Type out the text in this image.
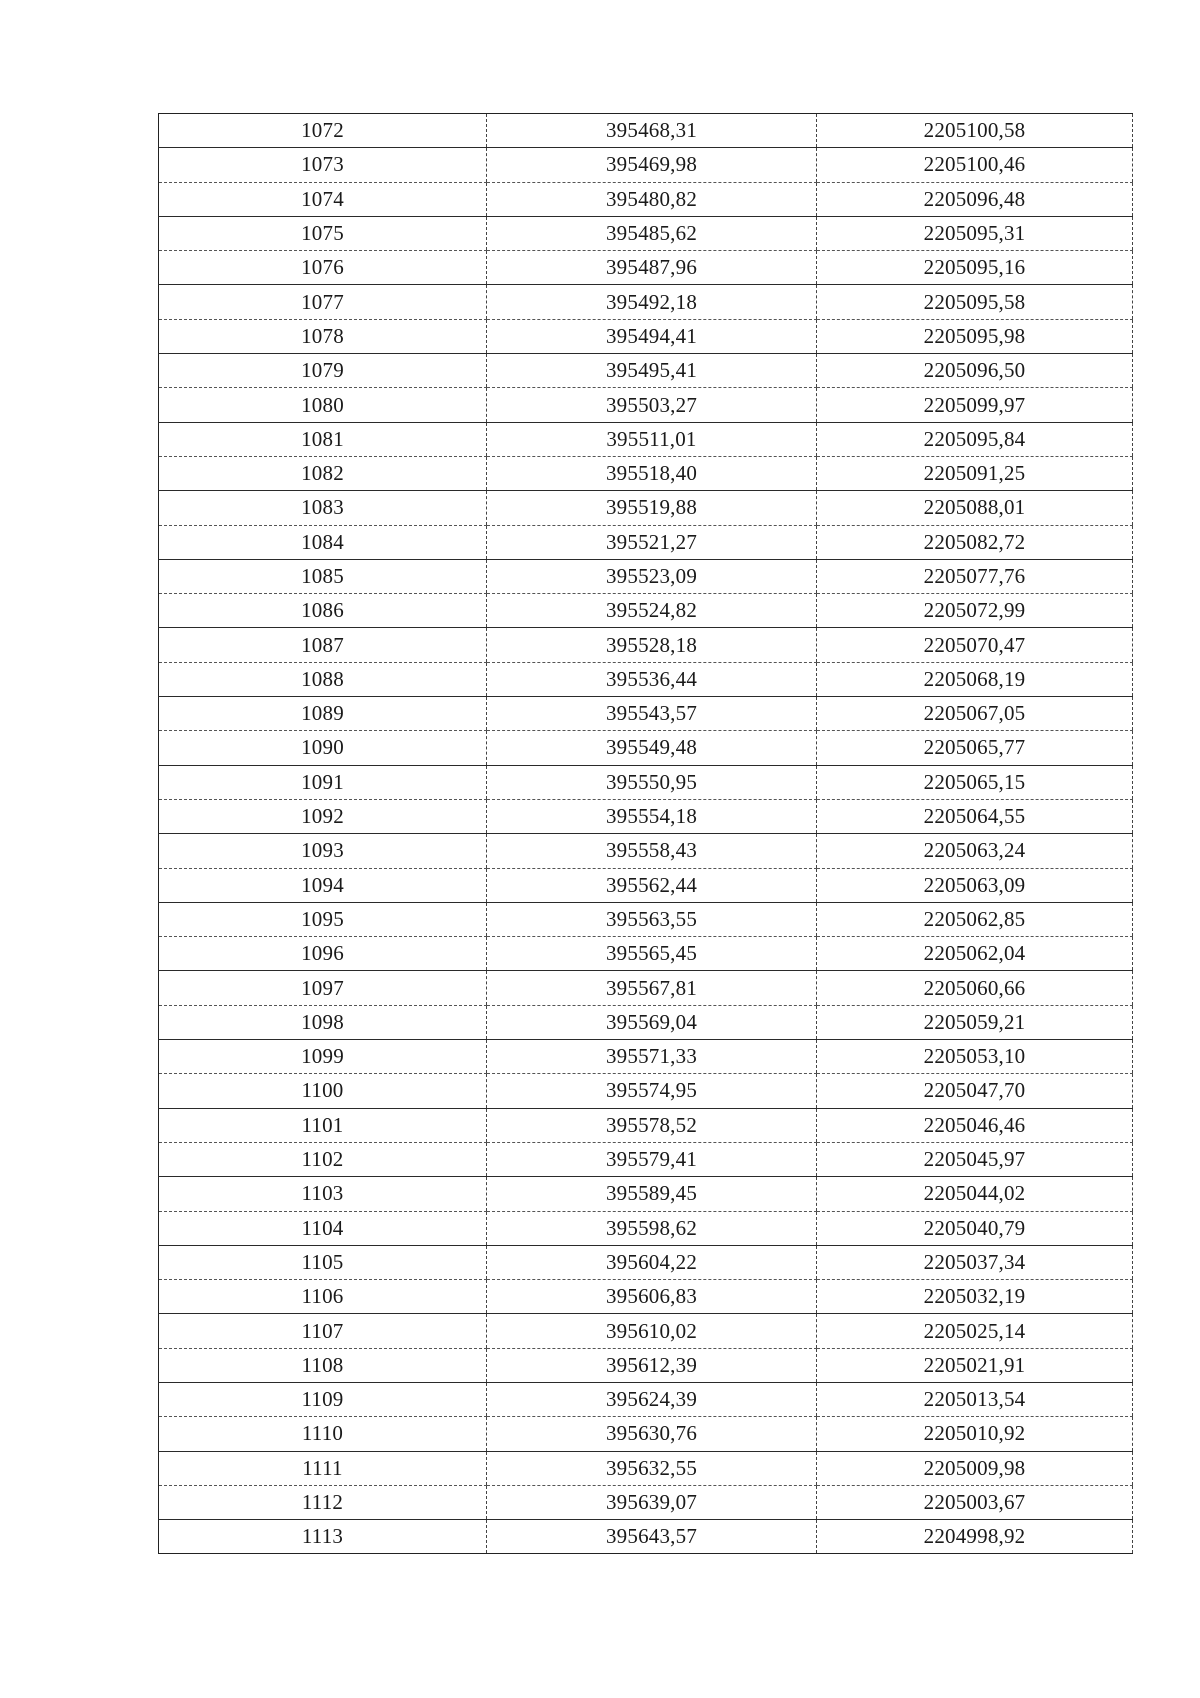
1072	395468,31	2205100,58
1073	395469,98	2205100,46
1074	395480,82	2205096,48
1075	395485,62	2205095,31
1076	395487,96	2205095,16
1077	395492,18	2205095,58
1078	395494,41	2205095,98
1079	395495,41	2205096,50
1080	395503,27	2205099,97
1081	395511,01	2205095,84
1082	395518,40	2205091,25
1083	395519,88	2205088,01
1084	395521,27	2205082,72
1085	395523,09	2205077,76
1086	395524,82	2205072,99
1087	395528,18	2205070,47
1088	395536,44	2205068,19
1089	395543,57	2205067,05
1090	395549,48	2205065,77
1091	395550,95	2205065,15
1092	395554,18	2205064,55
1093	395558,43	2205063,24
1094	395562,44	2205063,09
1095	395563,55	2205062,85
1096	395565,45	2205062,04
1097	395567,81	2205060,66
1098	395569,04	2205059,21
1099	395571,33	2205053,10
1100	395574,95	2205047,70
1101	395578,52	2205046,46
1102	395579,41	2205045,97
1103	395589,45	2205044,02
1104	395598,62	2205040,79
1105	395604,22	2205037,34
1106	395606,83	2205032,19
1107	395610,02	2205025,14
1108	395612,39	2205021,91
1109	395624,39	2205013,54
1110	395630,76	2205010,92
1111	395632,55	2205009,98
1112	395639,07	2205003,67
1113	395643,57	2204998,92
